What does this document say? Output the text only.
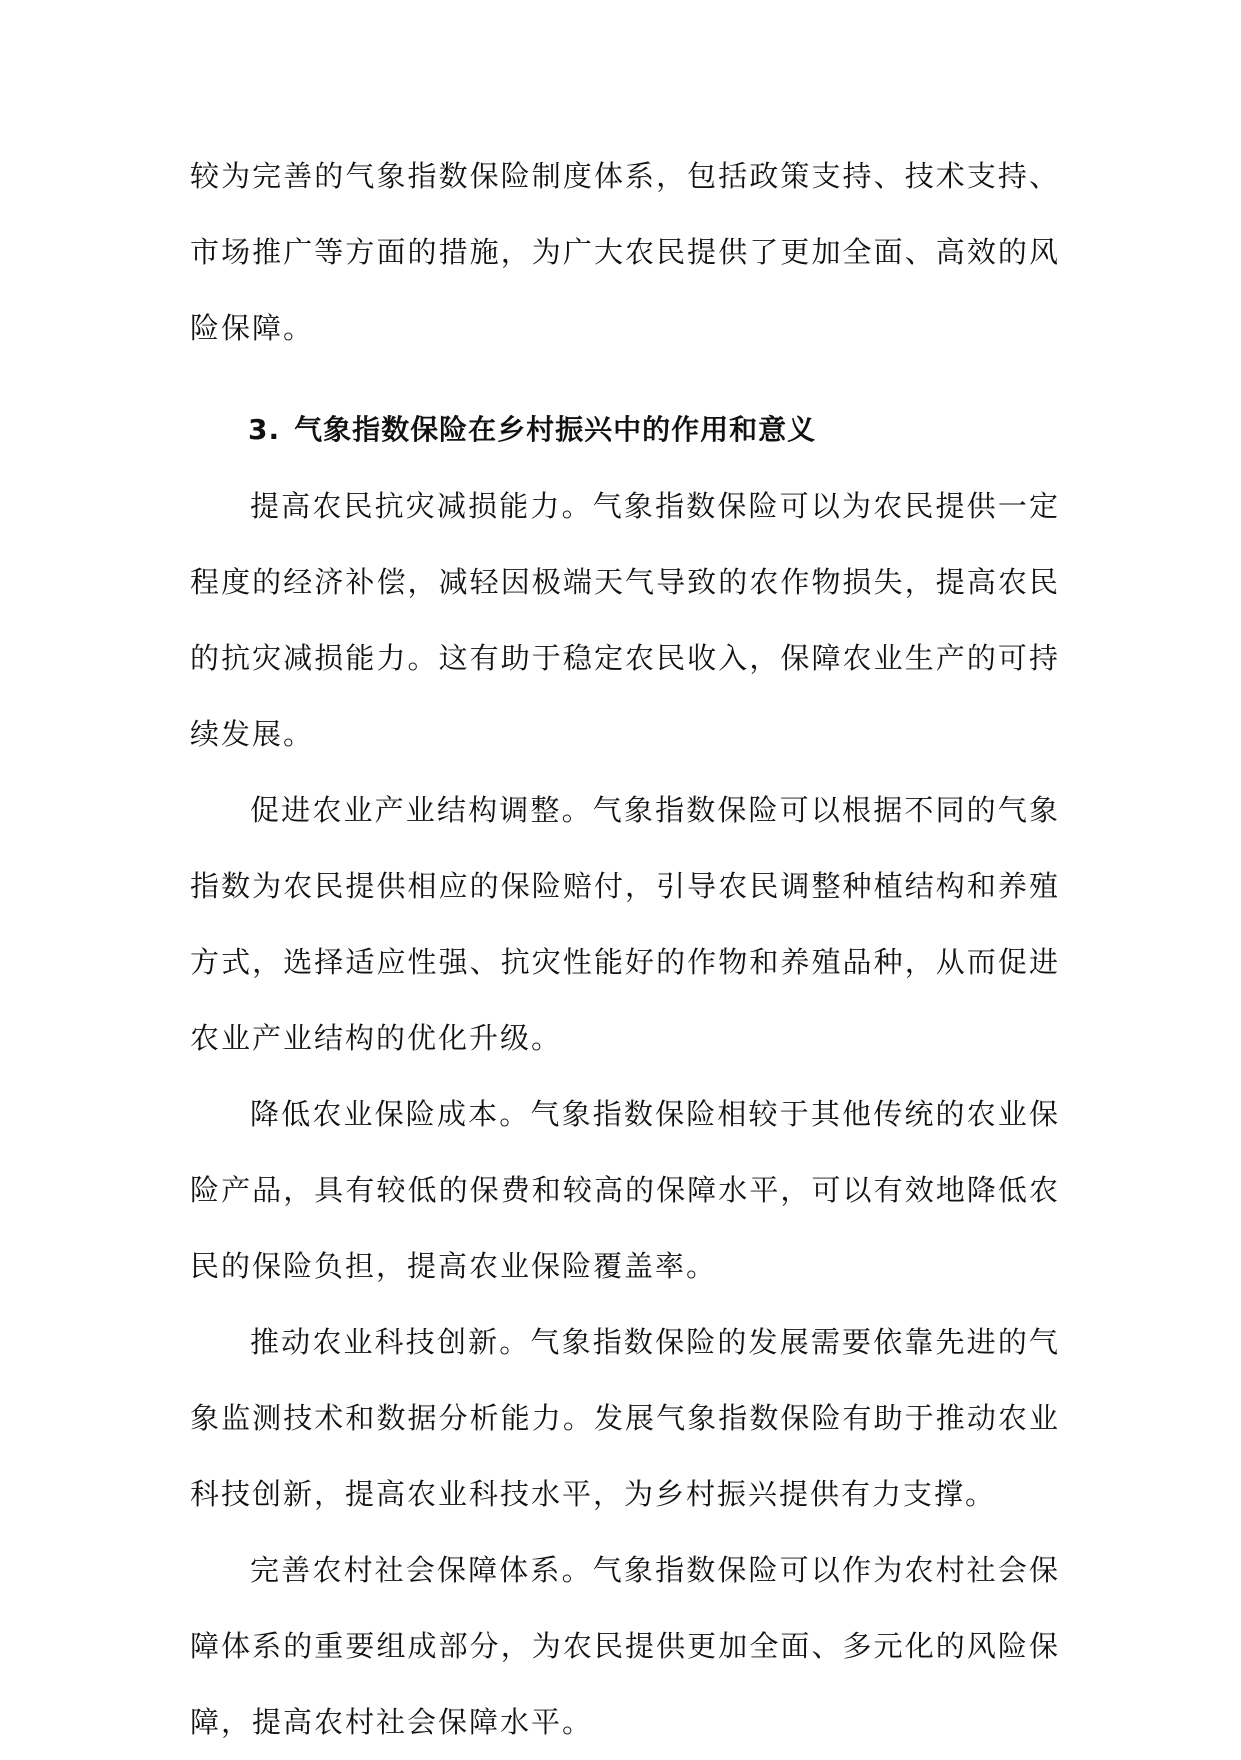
较为完善的气象指数保险制度体系，包括政策支持、技术支持、市场推广等方面的措施，为广大农民提供了更加全面、高效的风险保障。

3. 气象指数保险在乡村振兴中的作用和意义

提高农民抗灾减损能力。气象指数保险可以为农民提供一定程度的经济补偿，减轻因极端天气导致的农作物损失，提高农民的抗灾减损能力。这有助于稳定农民收入，保障农业生产的可持续发展。

促进农业产业结构调整。气象指数保险可以根据不同的气象指数为农民提供相应的保险赔付，引导农民调整种植结构和养殖方式，选择适应性强、抗灾性能好的作物和养殖品种，从而促进农业产业结构的优化升级。

降低农业保险成本。气象指数保险相较于其他传统的农业保险产品，具有较低的保费和较高的保障水平，可以有效地降低农民的保险负担，提高农业保险覆盖率。

推动农业科技创新。气象指数保险的发展需要依靠先进的气象监测技术和数据分析能力。发展气象指数保险有助于推动农业科技创新，提高农业科技水平，为乡村振兴提供有力支撑。

完善农村社会保障体系。气象指数保险可以作为农村社会保障体系的重要组成部分，为农民提供更加全面、多元化的风险保障，提高农村社会保障水平。
